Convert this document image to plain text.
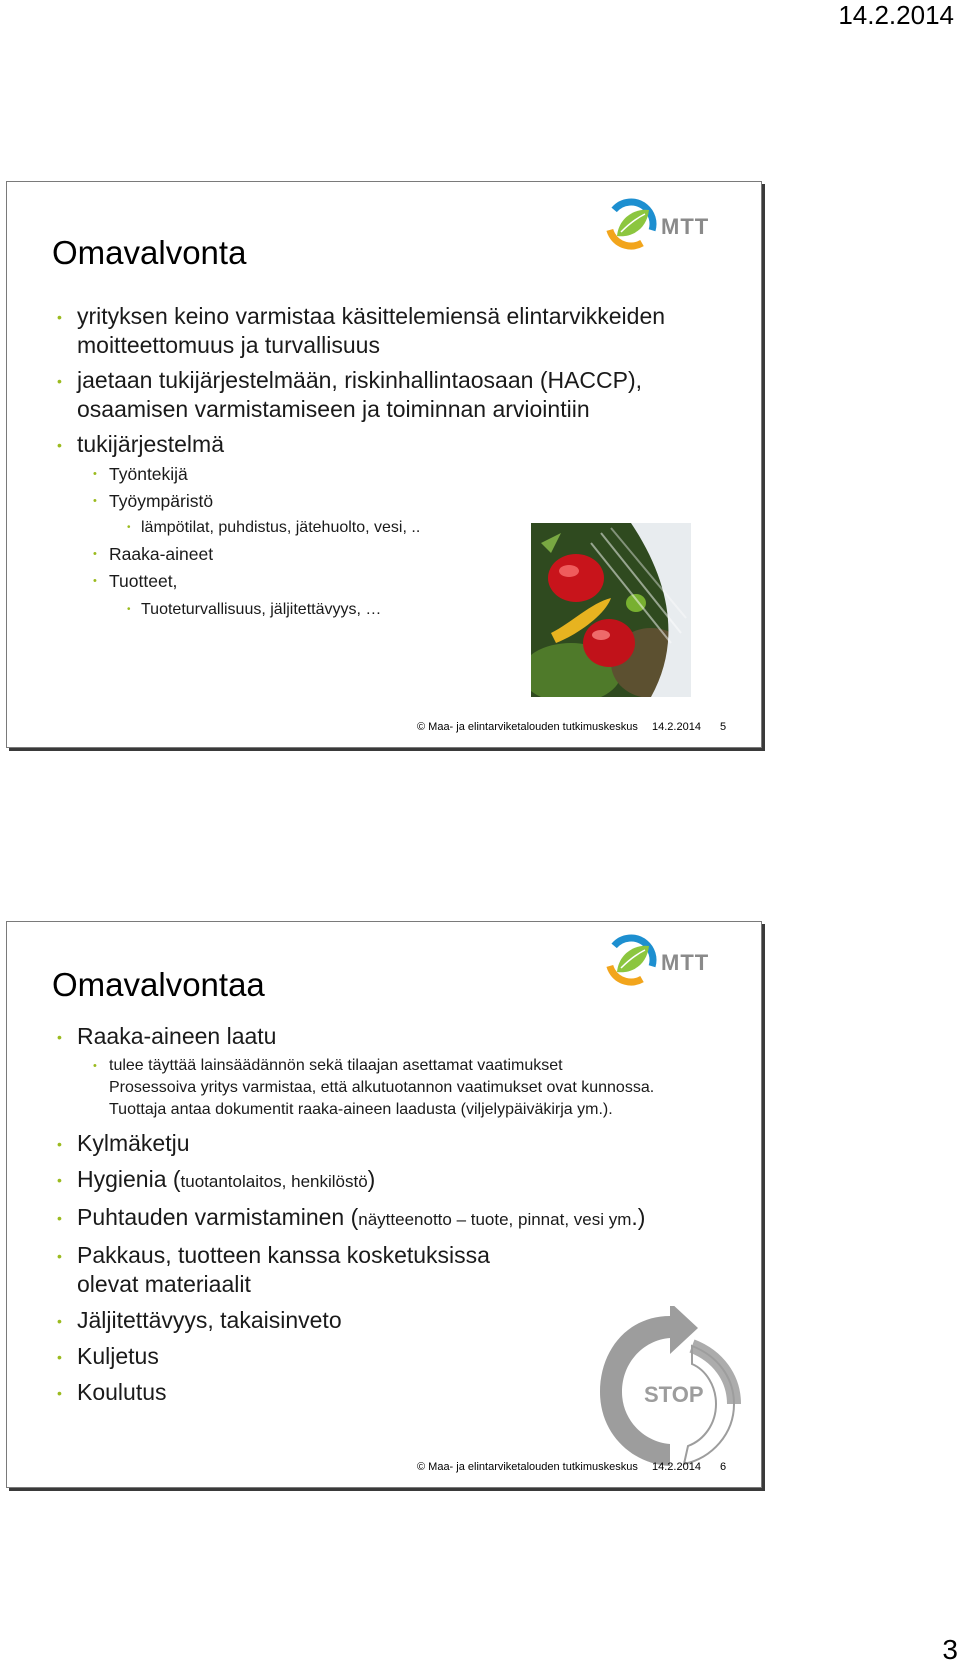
14.2.2014
Omavalvonta
MTT
• yrityksen keino varmistaa käsittelemiensä elintarvikkeiden moitteettomuus ja turvallisuus
• jaetaan tukijärjestelmään, riskinhallintaosaan (HACCP), osaamisen varmistamiseen ja toiminnan arviointiin
• tukijärjestelmä
• Työntekijä
• Työympäristö
• lämpötilat, puhdistus, jätehuolto, vesi, ..
• Raaka-aineet
• Tuotteet,
• Tuoteturvallisuus, jäljitettävyys, …
© Maa- ja elintarviketalouden tutkimuskeskus 14.2.2014 5
Omavalvontaa
MTT
• Raaka-aineen laatu
• tulee täyttää lainsäädännön sekä tilaajan asettamat vaatimukset
Prosessoiva yritys varmistaa, että alkutuotannon vaatimukset ovat kunnossa. Tuottaja antaa dokumentit raaka-aineen laadusta (viljelypäiväkirja ym.).
• Kylmäketju
• Hygienia (tuotantolaitos, henkilöstö)
• Puhtauden varmistaminen (näytteenotto – tuote, pinnat, vesi ym.)
• Pakkaus, tuotteen kanssa kosketuksissa olevat materiaalit
• Jäljitettävyys, takaisinveto
• Kuljetus
• Koulutus	STOP
© Maa- ja elintarviketalouden tutkimuskeskus 14.2.2014 6
3
